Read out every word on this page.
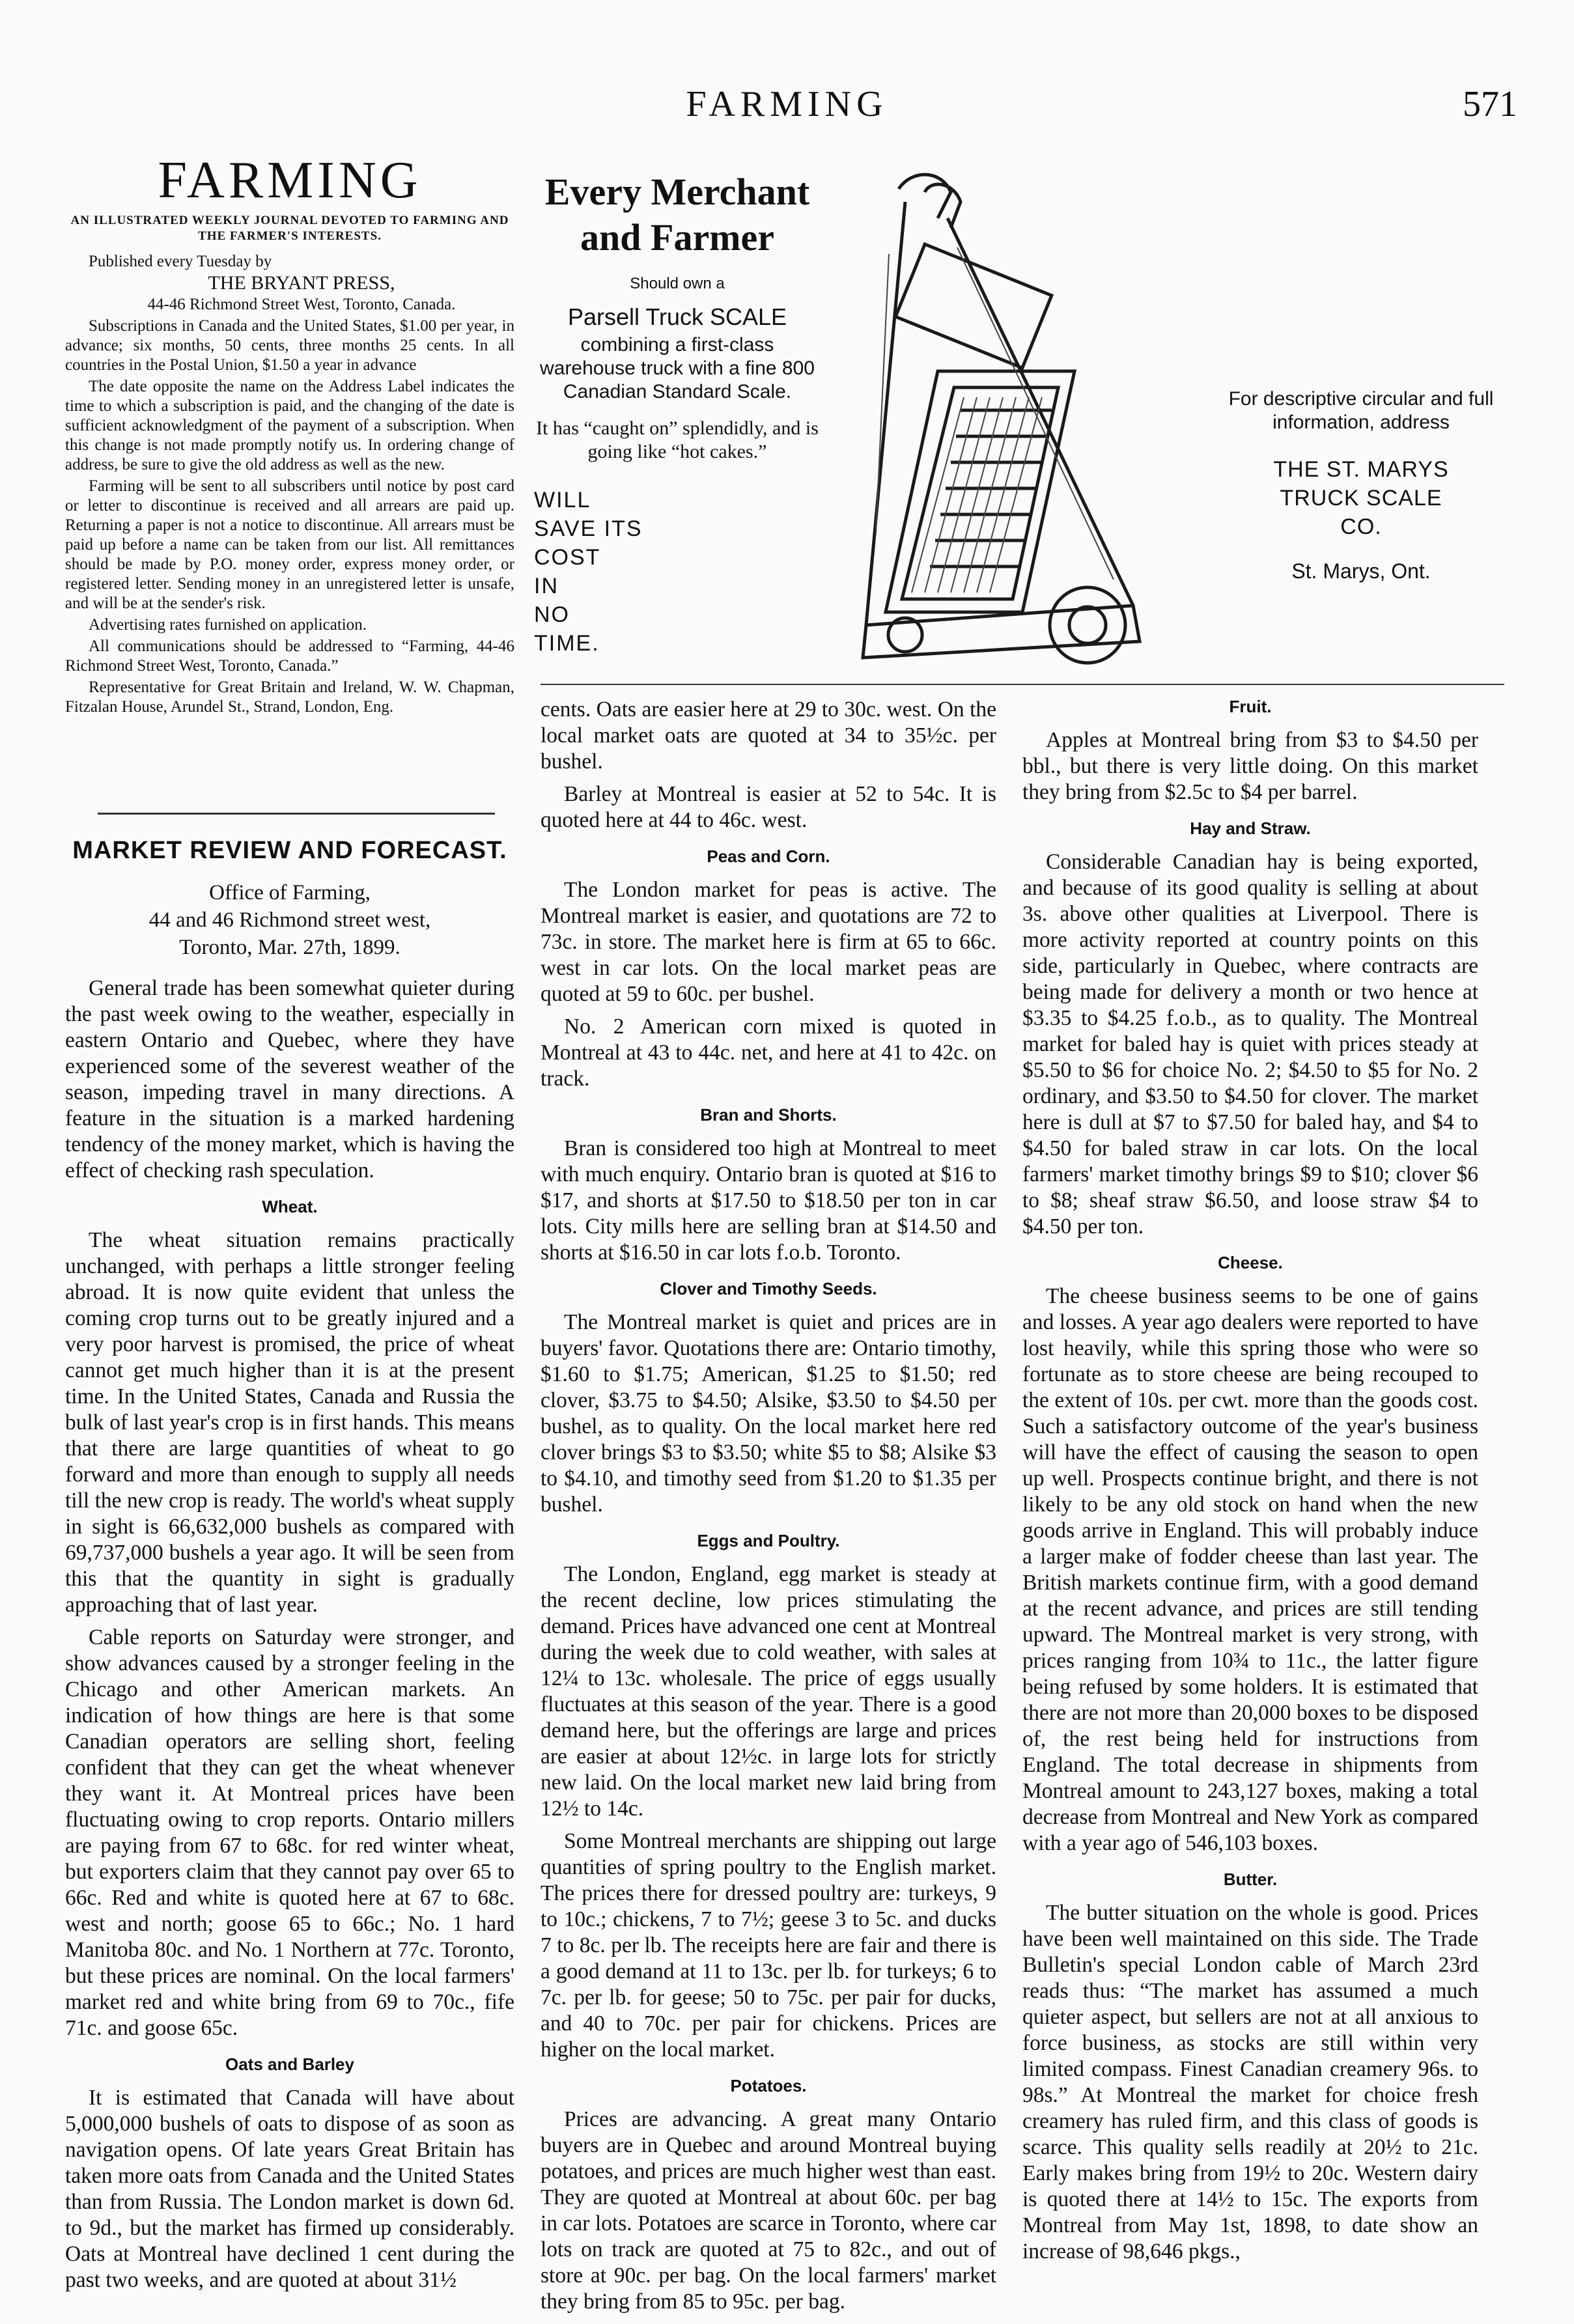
FARMING	571
FARMING
AN ILLUSTRATED WEEKLY JOURNAL DEVOTED TO FARMING AND THE FARMER'S INTERESTS.

Published every Tuesday by

THE BRYANT PRESS,

44-46 Richmond Street West, Toronto, Canada.

Subscriptions in Canada and the United States, $1.00 per year, in advance; six months, 50 cents, three months 25 cents. In all countries in the Postal Union, $1.50 a year in advance

The date opposite the name on the Address Label indicates the time to which a subscription is paid, and the changing of the date is sufficient acknowledgment of the payment of a subscription. When this change is not made promptly notify us. In ordering change of address, be sure to give the old address as well as the new.

Farming will be sent to all subscribers until notice by post card or letter to discontinue is received and all arrears are paid up. Returning a paper is not a notice to discontinue. All arrears must be paid up before a name can be taken from our list. All remittances should be made by P.O. money order, express money order, or registered letter. Sending money in an unregistered letter is unsafe, and will be at the sender's risk.

Advertising rates furnished on application.

All communications should be addressed to “Farming, 44-46 Richmond Street West, Toronto, Canada.”

Representative for Great Britain and Ireland, W. W. Chapman, Fitzalan House, Arundel St., Strand, London, Eng.

Every Merchant
and Farmer
Should own a
Parsell Truck SCALE
combining a first-class warehouse truck with a fine 800 Canadian Standard Scale.
It has “caught on” splendidly, and is going like “hot cakes.”
WILL
SAVE ITS
COST
IN
NO
TIME.
For descriptive circular and full information, address
THE ST. MARYS
TRUCK SCALE
CO.
St. Marys, Ont.
MARKET REVIEW AND FORECAST.
Office of Farming,
44 and 46 Richmond street west,
Toronto, Mar. 27th, 1899.

General trade has been somewhat quieter during the past week owing to the weather, especially in eastern Ontario and Quebec, where they have experienced some of the severest weather of the season, impeding travel in many directions. A feature in the situation is a marked hardening tendency of the money market, which is having the effect of checking rash speculation.

Wheat.

The wheat situation remains practically unchanged, with perhaps a little stronger feeling abroad. It is now quite evident that unless the coming crop turns out to be greatly injured and a very poor harvest is promised, the price of wheat cannot get much higher than it is at the present time. In the United States, Canada and Russia the bulk of last year's crop is in first hands. This means that there are large quantities of wheat to go forward and more than enough to supply all needs till the new crop is ready. The world's wheat supply in sight is 66,632,000 bushels as compared with 69,737,000 bushels a year ago. It will be seen from this that the quantity in sight is gradually approaching that of last year.

Cable reports on Saturday were stronger, and show advances caused by a stronger feeling in the Chicago and other American markets. An indication of how things are here is that some Canadian operators are selling short, feeling confident that they can get the wheat whenever they want it. At Montreal prices have been fluctuating owing to crop reports. Ontario millers are paying from 67 to 68c. for red winter wheat, but exporters claim that they cannot pay over 65 to 66c. Red and white is quoted here at 67 to 68c. west and north; goose 65 to 66c.; No. 1 hard Manitoba 80c. and No. 1 Northern at 77c. Toronto, but these prices are nominal. On the local farmers' market red and white bring from 69 to 70c., fife 71c. and goose 65c.

Oats and Barley

It is estimated that Canada will have about 5,000,000 bushels of oats to dispose of as soon as navigation opens. Of late years Great Britain has taken more oats from Canada and the United States than from Russia. The London market is down 6d. to 9d., but the market has firmed up considerably. Oats at Montreal have declined 1 cent during the past two weeks, and are quoted at about 31½

cents. Oats are easier here at 29 to 30c. west. On the local market oats are quoted at 34 to 35½c. per bushel.

Barley at Montreal is easier at 52 to 54c. It is quoted here at 44 to 46c. west.

Peas and Corn.

The London market for peas is active. The Montreal market is easier, and quotations are 72 to 73c. in store. The market here is firm at 65 to 66c. west in car lots. On the local market peas are quoted at 59 to 60c. per bushel.

No. 2 American corn mixed is quoted in Montreal at 43 to 44c. net, and here at 41 to 42c. on track.

Bran and Shorts.

Bran is considered too high at Montreal to meet with much enquiry. Ontario bran is quoted at $16 to $17, and shorts at $17.50 to $18.50 per ton in car lots. City mills here are selling bran at $14.50 and shorts at $16.50 in car lots f.o.b. Toronto.

Clover and Timothy Seeds.

The Montreal market is quiet and prices are in buyers' favor. Quotations there are: Ontario timothy, $1.60 to $1.75; American, $1.25 to $1.50; red clover, $3.75 to $4.50; Alsike, $3.50 to $4.50 per bushel, as to quality. On the local market here red clover brings $3 to $3.50; white $5 to $8; Alsike $3 to $4.10, and timothy seed from $1.20 to $1.35 per bushel.

Eggs and Poultry.

The London, England, egg market is steady at the recent decline, low prices stimulating the demand. Prices have advanced one cent at Montreal during the week due to cold weather, with sales at 12¼ to 13c. wholesale. The price of eggs usually fluctuates at this season of the year. There is a good demand here, but the offerings are large and prices are easier at about 12½c. in large lots for strictly new laid. On the local market new laid bring from 12½ to 14c.

Some Montreal merchants are shipping out large quantities of spring poultry to the English market. The prices there for dressed poultry are: turkeys, 9 to 10c.; chickens, 7 to 7½; geese 3 to 5c. and ducks 7 to 8c. per lb. The receipts here are fair and there is a good demand at 11 to 13c. per lb. for turkeys; 6 to 7c. per lb. for geese; 50 to 75c. per pair for ducks, and 40 to 70c. per pair for chickens. Prices are higher on the local market.

Potatoes.

Prices are advancing. A great many Ontario buyers are in Quebec and around Montreal buying potatoes, and prices are much higher west than east. They are quoted at Montreal at about 60c. per bag in car lots. Potatoes are scarce in Toronto, where car lots on track are quoted at 75 to 82c., and out of store at 90c. per bag. On the local farmers' market they bring from 85 to 95c. per bag.

Fruit.

Apples at Montreal bring from $3 to $4.50 per bbl., but there is very little doing. On this market they bring from $2.5c to $4 per barrel.

Hay and Straw.

Considerable Canadian hay is being exported, and because of its good quality is selling at about 3s. above other qualities at Liverpool. There is more activity reported at country points on this side, particularly in Quebec, where contracts are being made for delivery a month or two hence at $3.35 to $4.25 f.o.b., as to quality. The Montreal market for baled hay is quiet with prices steady at $5.50 to $6 for choice No. 2; $4.50 to $5 for No. 2 ordinary, and $3.50 to $4.50 for clover. The market here is dull at $7 to $7.50 for baled hay, and $4 to $4.50 for baled straw in car lots. On the local farmers' market timothy brings $9 to $10; clover $6 to $8; sheaf straw $6.50, and loose straw $4 to $4.50 per ton.

Cheese.

The cheese business seems to be one of gains and losses. A year ago dealers were reported to have lost heavily, while this spring those who were so fortunate as to store cheese are being recouped to the extent of 10s. per cwt. more than the goods cost. Such a satisfactory outcome of the year's business will have the effect of causing the season to open up well. Prospects continue bright, and there is not likely to be any old stock on hand when the new goods arrive in England. This will probably induce a larger make of fodder cheese than last year. The British markets continue firm, with a good demand at the recent advance, and prices are still tending upward. The Montreal market is very strong, with prices ranging from 10¾ to 11c., the latter figure being refused by some holders. It is estimated that there are not more than 20,000 boxes to be disposed of, the rest being held for instructions from England. The total decrease in shipments from Montreal amount to 243,127 boxes, making a total decrease from Montreal and New York as compared with a year ago of 546,103 boxes.

Butter.

The butter situation on the whole is good. Prices have been well maintained on this side. The Trade Bulletin's special London cable of March 23rd reads thus: “The market has assumed a much quieter aspect, but sellers are not at all anxious to force business, as stocks are still within very limited compass. Finest Canadian creamery 96s. to 98s.” At Montreal the market for choice fresh creamery has ruled firm, and this class of goods is scarce. This quality sells readily at 20½ to 21c. Early makes bring from 19½ to 20c. Western dairy is quoted there at 14½ to 15c. The exports from Montreal from May 1st, 1898, to date show an increase of 98,646 pkgs.,
